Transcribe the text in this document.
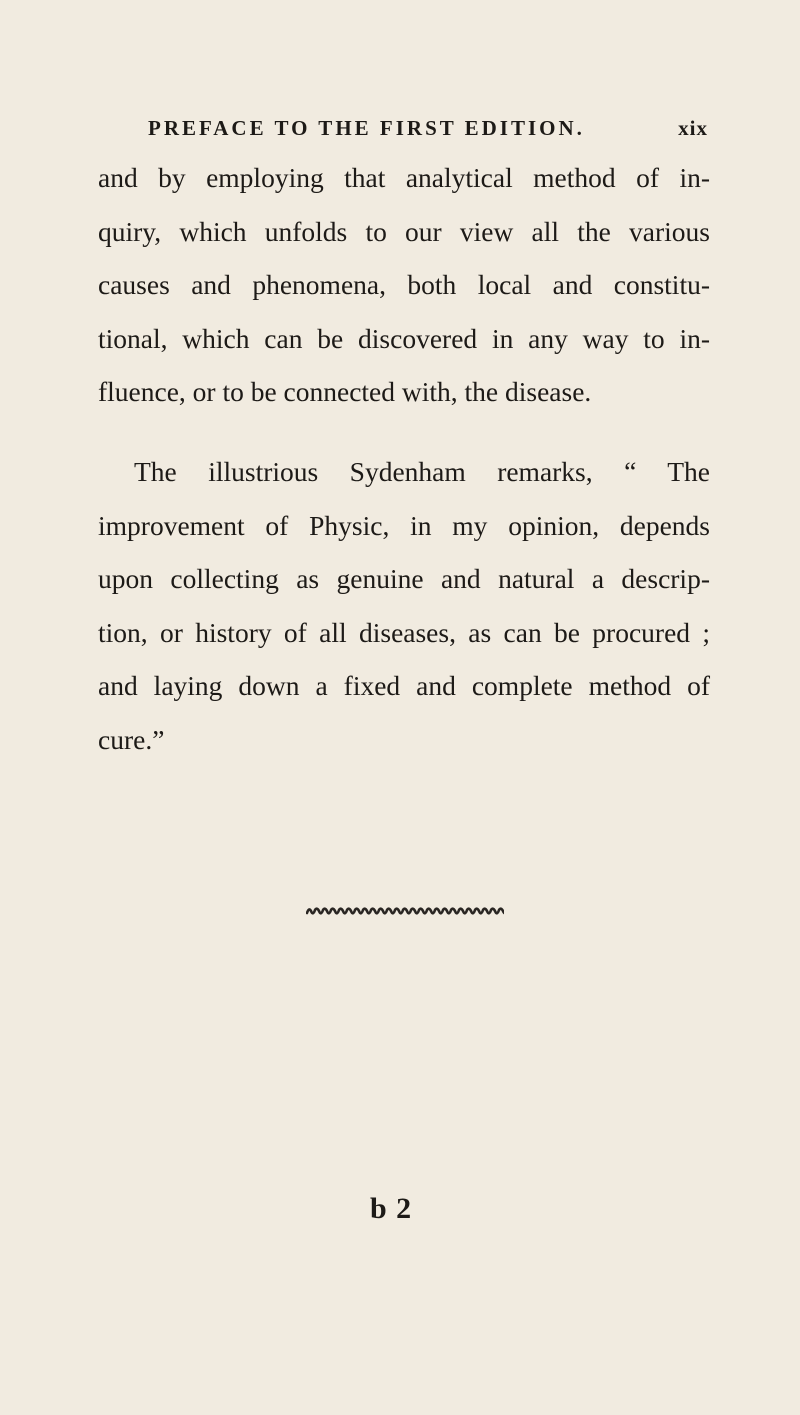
PREFACE TO THE FIRST EDITION.	xix
and by employing that analytical method of in-
quiry, which unfolds to our view all the various
causes and phenomena, both local and constitu-
tional, which can be discovered in any way to in-
fluence, or to be connected with, the disease.
The illustrious Sydenham remarks, “ The
improvement of Physic, in my opinion, depends
upon collecting as genuine and natural a descrip-
tion, or history of all diseases, as can be procured ;
and laying down a fixed and complete method of
cure.”
b 2
